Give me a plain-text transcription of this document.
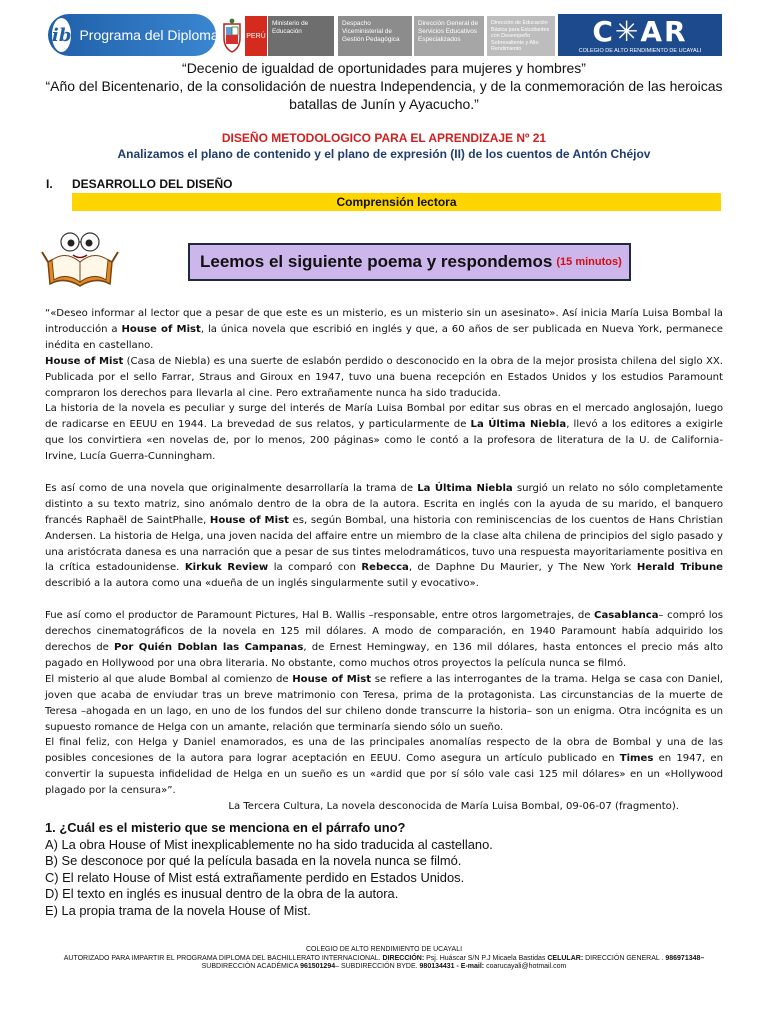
ib Programa del Diploma	PERÚ
Ministerio de Educación
Despacho Viceministerial de Gestión Pedagógica
Dirección General de Servicios Educativos Especializados
Dirección de Educación Básica para Estudiantes con Desempeño Sobresaliente y Alto Rendimiento
C✳AR
COLEGIO DE ALTO RENDIMIENTO DE UCAYALI
“Decenio de igualdad de oportunidades para mujeres y hombres”
“Año del Bicentenario, de la consolidación de nuestra Independencia, y de la conmemoración de las heroicas batallas de Junín y Ayacucho.”
DISEÑO METODOLOGICO PARA EL APRENDIZAJE Nº 21
Analizamos el plano de contenido y el plano de expresión (II) de los cuentos de Antón Chéjov
I. DESARROLLO DEL DISEÑO
Comprensión lectora
Leemos el siguiente poema y respondemos (15 minutos)

“«Deseo informar al lector que a pesar de que este es un misterio, es un misterio sin un asesinato». Así inicia María Luisa Bombal la introducción a House of Mist, la única novela que escribió en inglés y que, a 60 años de ser publicada en Nueva York, permanece inédita en castellano.

House of Mist (Casa de Niebla) es una suerte de eslabón perdido o desconocido en la obra de la mejor prosista chilena del siglo XX. Publicada por el sello Farrar, Straus and Giroux en 1947, tuvo una buena recepción en Estados Unidos y los estudios Paramount compraron los derechos para llevarla al cine. Pero extrañamente nunca ha sido traducida.

La historia de la novela es peculiar y surge del interés de María Luisa Bombal por editar sus obras en el mercado anglosajón, luego de radicarse en EEUU en 1944. La brevedad de sus relatos, y particularmente de La Última Niebla, llevó a los editores a exigirle que los convirtiera «en novelas de, por lo menos, 200 páginas» como le contó a la profesora de literatura de la U. de California-Irvine, Lucía Guerra-Cunningham.

Es así como de una novela que originalmente desarrollaría la trama de La Última Niebla surgió un relato no sólo completamente distinto a su texto matriz, sino anómalo dentro de la obra de la autora. Escrita en inglés con la ayuda de su marido, el banquero francés Raphaël de SaintPhalle, House of Mist es, según Bombal, una historia con reminiscencias de los cuentos de Hans Christian Andersen. La historia de Helga, una joven nacida del affaire entre un miembro de la clase alta chilena de principios del siglo pasado y una aristócrata danesa es una narración que a pesar de sus tintes melodramáticos, tuvo una respuesta mayoritariamente positiva en la crítica estadounidense. Kirkuk Review la comparó con Rebecca, de Daphne Du Maurier, y The New York Herald Tribune describió a la autora como una «dueña de un inglés singularmente sutil y evocativo».

Fue así como el productor de Paramount Pictures, Hal B. Wallis –responsable, entre otros largometrajes, de Casablanca– compró los derechos cinematográficos de la novela en 125 mil dólares. A modo de comparación, en 1940 Paramount había adquirido los derechos de Por Quién Doblan las Campanas, de Ernest Hemingway, en 136 mil dólares, hasta entonces el precio más alto pagado en Hollywood por una obra literaria. No obstante, como muchos otros proyectos la película nunca se filmó.

El misterio al que alude Bombal al comienzo de House of Mist se refiere a las interrogantes de la trama. Helga se casa con Daniel, joven que acaba de enviudar tras un breve matrimonio con Teresa, prima de la protagonista. Las circunstancias de la muerte de Teresa –ahogada en un lago, en uno de los fundos del sur chileno donde transcurre la historia– son un enigma. Otra incógnita es un supuesto romance de Helga con un amante, relación que terminaría siendo sólo un sueño.

El final feliz, con Helga y Daniel enamorados, es una de las principales anomalías respecto de la obra de Bombal y una de las posibles concesiones de la autora para lograr aceptación en EEUU. Como asegura un artículo publicado en Times en 1947, en convertir la supuesta infidelidad de Helga en un sueño es un «ardid que por sí sólo vale casi 125 mil dólares» en un «Hollywood plagado por la censura»”.

La Tercera Cultura, La novela desconocida de María Luisa Bombal, 09-06-07 (fragmento).

1. ¿Cuál es el misterio que se menciona en el párrafo uno?
A) La obra House of Mist inexplicablemente no ha sido traducida al castellano.
B) Se desconoce por qué la película basada en la novela nunca se filmó.
C) El relato House of Mist está extrañamente perdido en Estados Unidos.
D) El texto en inglés es inusual dentro de la obra de la autora.
E) La propia trama de la novela House of Mist.
COLEGIO DE ALTO RENDIMIENTO DE UCAYALI
AUTORIZADO PARA IMPARTIR EL PROGRAMA DIPLOMA DEL BACHILLERATO INTERNACIONAL. DIRECCIÓN: Psj. Huáscar S/N P.J Micaela Bastidas CELULAR: DIRECCIÓN GENERAL . 986971348–
SUBDIRECCIÓN ACADÉMICA 961501294– SUBDIRECCIÓN BYDE. 980134431 - E-mail: coarucayali@hotmail.com
